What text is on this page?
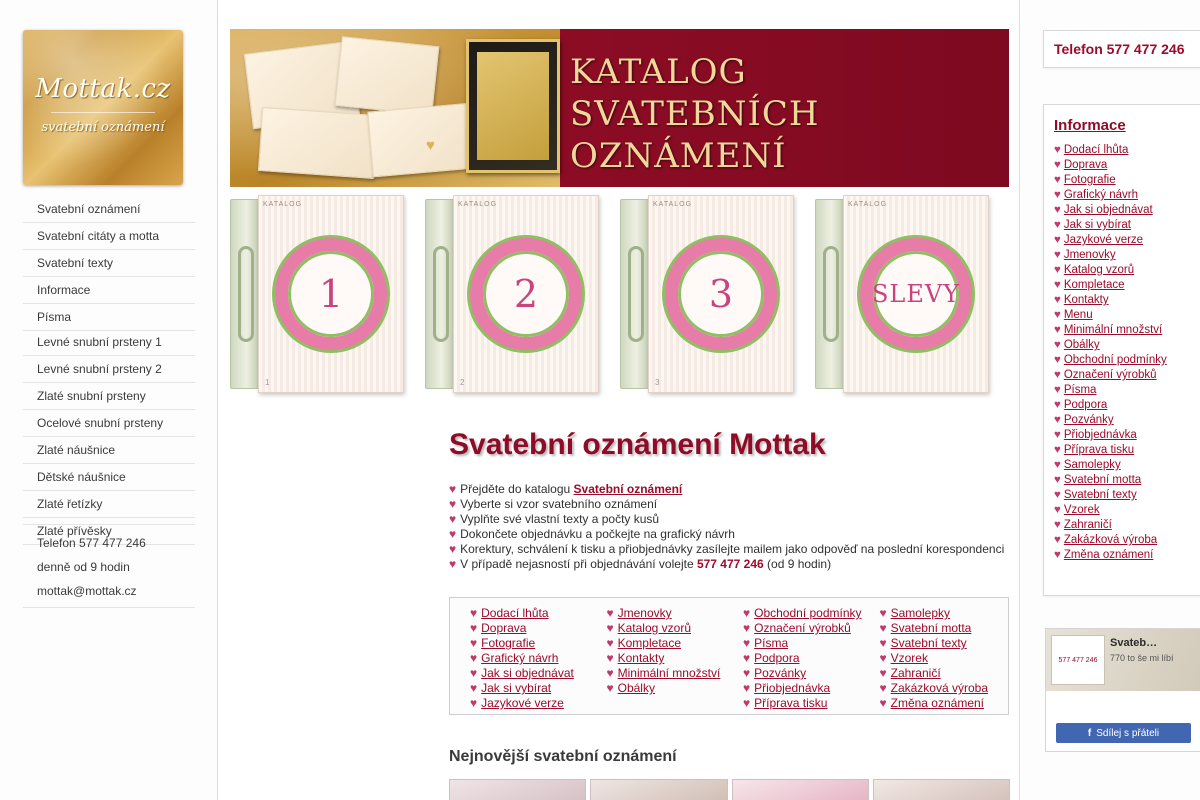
Mottak.cz
svatební oznámení
Svatební oznámení
Svatební citáty a motta
Svatební texty
Informace
Písma
Levné snubní prsteny 1
Levné snubní prsteny 2
Zlaté snubní prsteny
Ocelové snubní prsteny
Zlaté náušnice
Dětské náušnice
Zlaté řetízky
Zlaté přívěsky
Telefon 577 477 246
denně od 9 hodin
mottak@mottak.cz
♥
KATALOG
SVATEBNÍCH
OZNÁMENÍ
KATALOG
1
1
KATALOG
2
2
KATALOG
3
3
KATALOG
SLEVY
Svatební oznámení Mottak
♥ Přejděte do katalogu Svatební oznámení
♥ Vyberte si vzor svatebního oznámení
♥ Vyplňte své vlastní texty a počty kusů
♥ Dokončete objednávku a počkejte na grafický návrh
♥ Korektury, schválení k tisku a přiobjednávky zasílejte mailem jako odpověď na poslední korespondenci
♥ V případě nejasností při objednávání volejte 577 477 246 (od 9 hodin)
♥ Dodací lhůta
♥ Doprava
♥ Fotografie
♥ Grafický návrh
♥ Jak si objednávat
♥ Jak si vybírat
♥ Jazykové verze
♥ Jmenovky
♥ Katalog vzorů
♥ Kompletace
♥ Kontakty
♥ Minimální množství
♥ Obálky
♥ Obchodní podmínky
♥ Označení výrobků
♥ Písma
♥ Podpora
♥ Pozvánky
♥ Přiobjednávka
♥ Příprava tisku
♥ Samolepky
♥ Svatební motta
♥ Svatební texty
♥ Vzorek
♥ Zahraničí
♥ Zakázková výroba
♥ Změna oznámení
Nejnovější svatební oznámení
Telefon 577 477 246
Informace
♥ Dodací lhůta
♥ Doprava
♥ Fotografie
♥ Grafický návrh
♥ Jak si objednávat
♥ Jak si vybírat
♥ Jazykové verze
♥ Jmenovky
♥ Katalog vzorů
♥ Kompletace
♥ Kontakty
♥ Menu
♥ Minimální množství
♥ Obálky
♥ Obchodní podmínky
♥ Označení výrobků
♥ Písma
♥ Podpora
♥ Pozvánky
♥ Přiobjednávka
♥ Příprava tisku
♥ Samolepky
♥ Svatební motta
♥ Svatební texty
♥ Vzorek
♥ Zahraničí
♥ Zakázková výroba
♥ Změna oznámení
577 477 246
Svateb…
770 to še mi líbí
f Sdílej s přáteli
